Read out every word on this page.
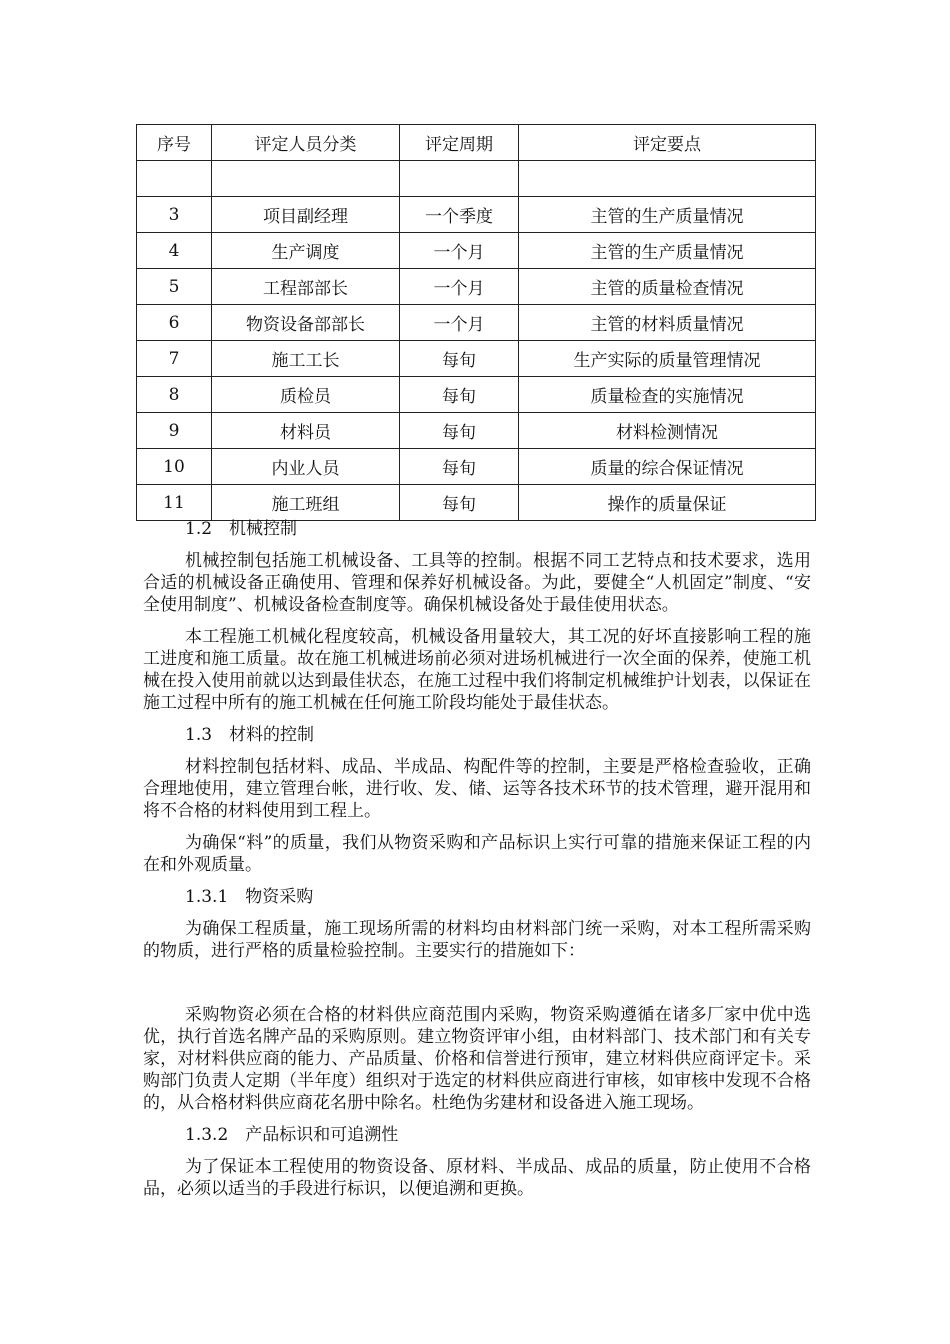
序号	评定人员分类	评定周期	评定要点

3	项目副经理	一个季度	主管的生产质量情况
4	生产调度	一个月	主管的生产质量情况
5	工程部部长	一个月	主管的质量检查情况
6	物资设备部部长	一个月	主管的材料质量情况
7	施工工长	每旬	生产实际的质量管理情况
8	质检员	每旬	质量检查的实施情况
9	材料员	每旬	材料检测情况
10	内业人员	每旬	质量的综合保证情况
11	施工班组	每旬	操作的质量保证
1.2　机械控制
机械控制包括施工机械设备、工具等的控制。根据不同工艺特点和技术要求，选用合适的机械设备正确使用、管理和保养好机械设备。为此，要健全“人机固定”制度、“安全使用制度”、机械设备检查制度等。确保机械设备处于最佳使用状态。
本工程施工机械化程度较高，机械设备用量较大，其工况的好坏直接影响工程的施工进度和施工质量。故在施工机械进场前必须对进场机械进行一次全面的保养，使施工机械在投入使用前就以达到最佳状态，在施工过程中我们将制定机械维护计划表，以保证在施工过程中所有的施工机械在任何施工阶段均能处于最佳状态。
1.3　材料的控制
材料控制包括材料、成品、半成品、构配件等的控制，主要是严格检查验收，正确合理地使用，建立管理台帐，进行收、发、储、运等各技术环节的技术管理，避开混用和将不合格的材料使用到工程上。
为确保“料”的质量，我们从物资采购和产品标识上实行可靠的措施来保证工程的内在和外观质量。
1.3.1　物资采购
为确保工程质量，施工现场所需的材料均由材料部门统一采购，对本工程所需采购的物质，进行严格的质量检验控制。主要实行的措施如下：
采购物资必须在合格的材料供应商范围内采购，物资采购遵循在诸多厂家中优中选优，执行首选名牌产品的采购原则。建立物资评审小组，由材料部门、技术部门和有关专家，对材料供应商的能力、产品质量、价格和信誉进行预审，建立材料供应商评定卡。采购部门负责人定期（半年度）组织对于选定的材料供应商进行审核，如审核中发现不合格的，从合格材料供应商花名册中除名。杜绝伪劣建材和设备进入施工现场。
1.3.2　产品标识和可追溯性
为了保证本工程使用的物资设备、原材料、半成品、成品的质量，防止使用不合格品，必须以适当的手段进行标识，以便追溯和更换。
